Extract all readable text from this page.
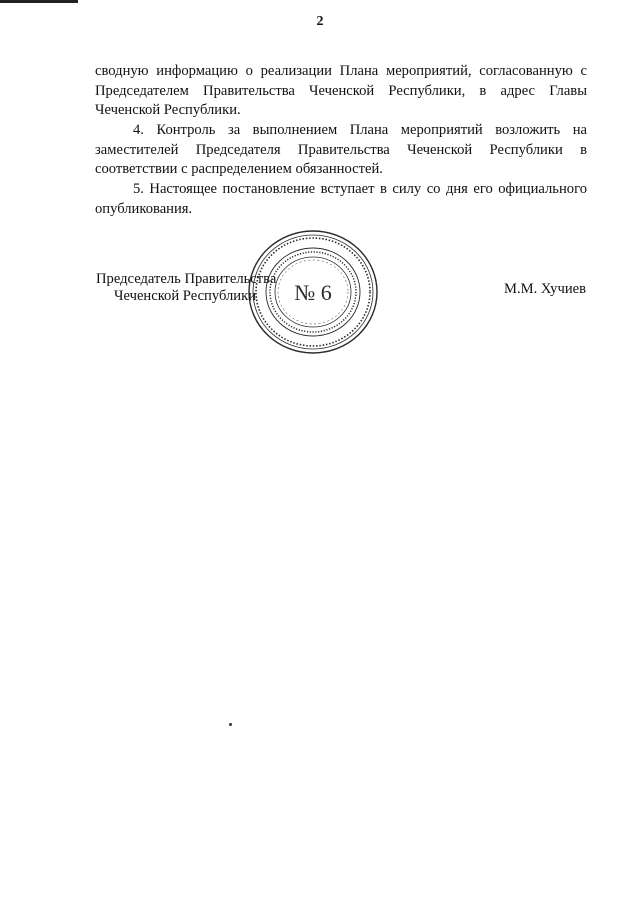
2

сводную информацию о реализации Плана мероприятий, согласованную с Председателем Правительства Чеченской Республики, в адрес Главы Чеченской Республики.

4. Контроль за выполнением Плана мероприятий возложить на заместителей Председателя Правительства Чеченской Республики в соответствии с распределением обязанностей.

5. Настоящее постановление вступает в силу со дня его официального опубликования.

№ 6
Председатель Правительства
Чеченской Республики	М.М. Хучиев
